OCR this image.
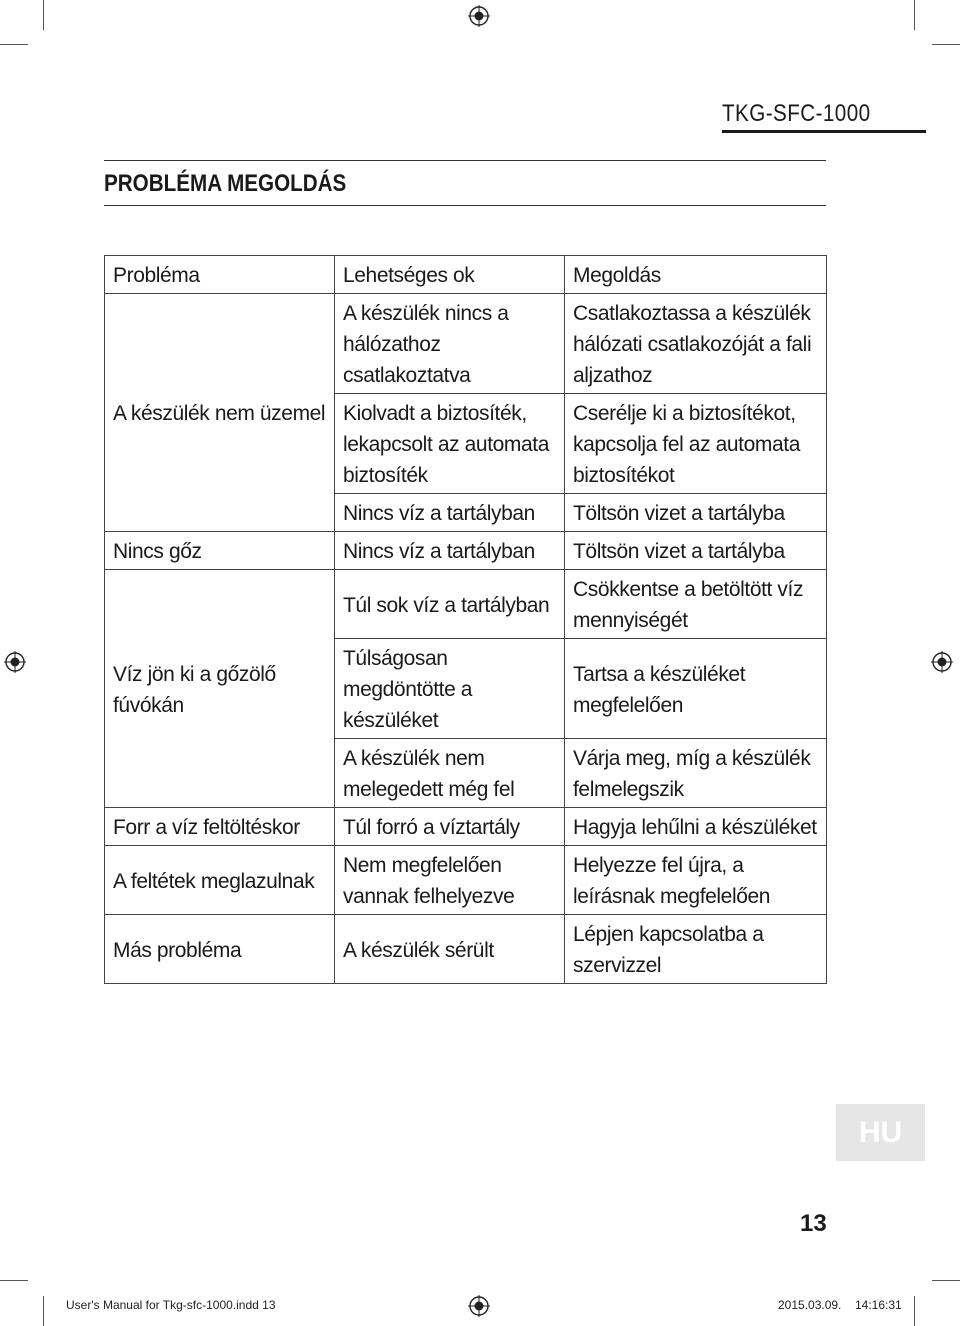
TKG-SFC-1000
PROBLÉMA MEGOLDÁS
Probléma	Lehetséges ok	Megoldás
A készülék nem üzemel	A készülék nincs a hálózathoz csatlakoztatva	Csatlakoztassa a készülék hálózati csatlakozóját a fali aljzathoz
	Kiolvadt a biztosíték, lekapcsolt az automata biztosíték	Cserélje ki a biztosítékot, kapcsolja fel az automata biztosítékot
	Nincs víz a tartályban	Töltsön vizet a tartályba
Nincs gőz	Nincs víz a tartályban	Töltsön vizet a tartályba
Víz jön ki a gőzölő fúvókán	Túl sok víz a tartályban	Csökkentse a betöltött víz mennyiségét
	Túlságosan megdöntötte a készüléket	Tartsa a készüléket megfelelően
	A készülék nem melegedett még fel	Várja meg, míg a készülék felmelegszik
Forr a víz feltöltéskor	Túl forró a víztartály	Hagyja lehűlni a készüléket
A feltétek meglazulnak	Nem megfelelően vannak felhelyezve	Helyezze fel újra, a leírásnak megfelelően
Más probléma	A készülék sérült	Lépjen kapcsolatba a szervizzel
HU
13
User's Manual for Tkg-sfc-1000.indd 13	2015.03.09. 14:16:31
